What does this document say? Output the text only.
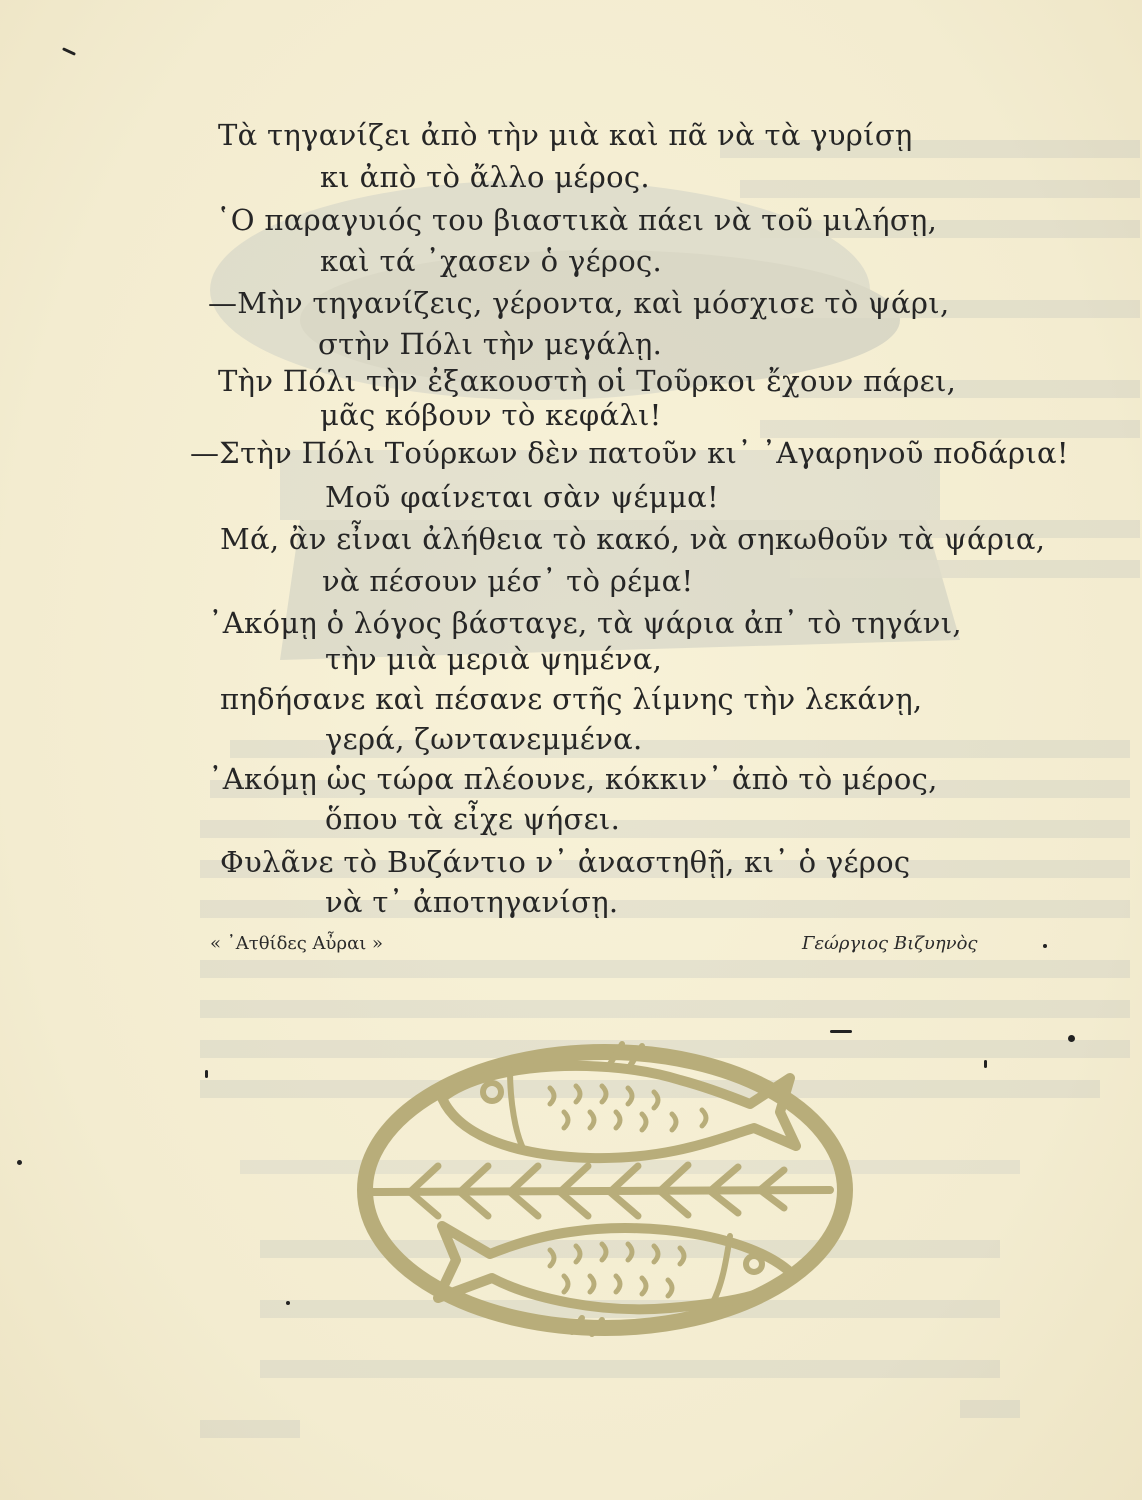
Τὰ τηγανίζει ἀπὸ τὴν μιὰ καὶ πᾶ νὰ τὰ γυρίσῃ
κι ἀπὸ τὸ ἄλλο μέρος.
῾Ο παραγυιός του βιαστικὰ πάει νὰ τοῦ μιλήσῃ,
καὶ τά ᾽χασεν ὁ γέρος.
—Μὴν τηγανίζεις, γέροντα, καὶ μόσχισε τὸ ψάρι,
στὴν Πόλι τὴν μεγάλῃ.
Τὴν Πόλι τὴν ἐξακουστὴ οἱ Τοῦρκοι ἔχουν πάρει,
μᾶς κόβουν τὸ κεφάλι!
—Στὴν Πόλι Τούρκων δὲν πατοῦν κι᾽ ᾽Αγαρηνοῦ ποδάρια!
Μοῦ φαίνεται σὰν ψέμμα!
Μά, ἂν εἶναι ἀλήθεια τὸ κακό, νὰ σηκωθοῦν τὰ ψάρια,
νὰ πέσουν μέσ᾽ τὸ ρέμα!
᾽Ακόμῃ ὁ λόγος βάσταγε, τὰ ψάρια ἀπ᾽ τὸ τηγάνι,
τὴν μιὰ μεριὰ ψημένα,
πηδήσανε καὶ πέσανε στῆς λίμνης τὴν λεκάνῃ,
γερά, ζωντανεμμένα.
᾽Ακόμῃ ὡς τώρα πλέουνε, κόκκιν᾽ ἀπὸ τὸ μέρος,
ὅπου τὰ εἶχε ψήσει.
Φυλᾶνε τὸ Βυζάντιο ν᾽ ἀναστηθῇ, κι᾽ ὁ γέρος
νὰ τ᾽ ἀποτηγανίσῃ.
« ᾽Ατθίδες Αὖραι »	Γεώργιος Βιζυηνὸς
